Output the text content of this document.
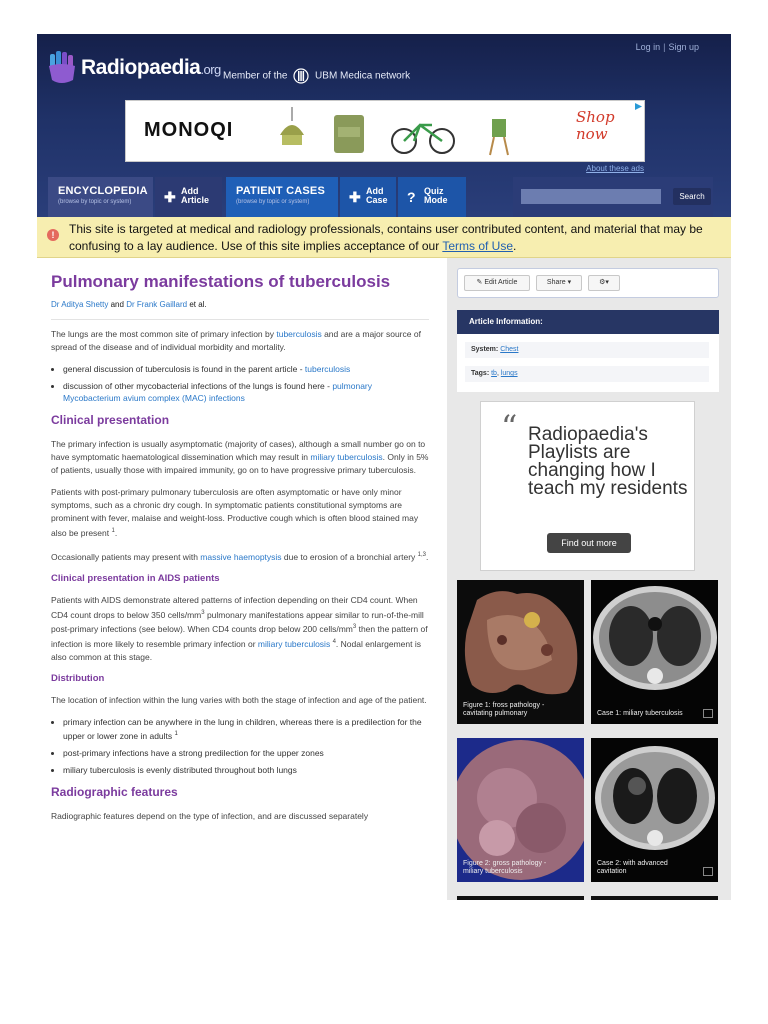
Log in | Sign up
Radiopaedia.org Member of the	UBM Medica network
MONOQI
Shop now
About these ads
ENCYCLOPEDIA
(browse by topic or system)	✚ Add Article
PATIENT CASES
(browse by topic or system)	✚ Add Case	? Quiz Mode	Search
!	This site is targeted at medical and radiology professionals, contains user contributed content, and material that may be confusing to a lay audience. Use of this site implies acceptance of our Terms of Use.
Pulmonary manifestations of tuberculosis
Dr Aditya Shetty and Dr Frank Gaillard et al.

The lungs are the most common site of primary infection by tuberculosis and are a major source of spread of the disease and of individual morbidity and mortality.

• general discussion of tuberculosis is found in the parent article - tuberculosis
• discussion of other mycobacterial infections of the lungs is found here - pulmonary Mycobacterium avium complex (MAC) infections
Clinical presentation

The primary infection is usually asymptomatic (majority of cases), although a small number go on to have symptomatic haematological dissemination which may result in miliary tuberculosis. Only in 5% of patients, usually those with impaired immunity, go on to have progressive primary tuberculosis.

Patients with post-primary pulmonary tuberculosis are often asymptomatic or have only minor symptoms, such as a chronic dry cough. In symptomatic patients constitutional symptoms are prominent with fever, malaise and weight-loss. Productive cough which is often blood stained may also be present $^1$.

Occasionally patients may present with massive haemoptysis due to erosion of a bronchial artery $^{1,3}$.

Clinical presentation in AIDS patients

Patients with AIDS demonstrate altered patterns of infection depending on their CD4 count. When CD4 count drops to below 350 cells/$mm^3$ pulmonary manifestations appear similar to run-of-the-mill post-primary infections (see below). When CD4 counts drop below 200 cells/$mm^3$ then the pattern of infection is more likely to resemble primary infection or miliary tuberculosis $^4$. Nodal enlargement is also common at this stage.

Distribution

The location of infection within the lung varies with both the stage of infection and age of the patient.

• primary infection can be anywhere in the lung in children, whereas there is a predilection for the upper or lower zone in adults $^1$
• post-primary infections have a strong predilection for the upper zones
• miliary tuberculosis is evenly distributed throughout both lungs
Radiographic features

Radiographic features depend on the type of infection, and are discussed separately

✎ Edit Article	Share ▾	⚙▾
Article Information:
System: Chest
Tags: tb, lungs
“ Radiopaedia's Playlists are changing how I teach my residents
Find out more
Figure 1: fross pathology - cavitating pulmonary	Case 1: miliary tuberculosis
Figure 2: gross pathology - miliary tuberculosis
Case 2: with advanced cavitation
